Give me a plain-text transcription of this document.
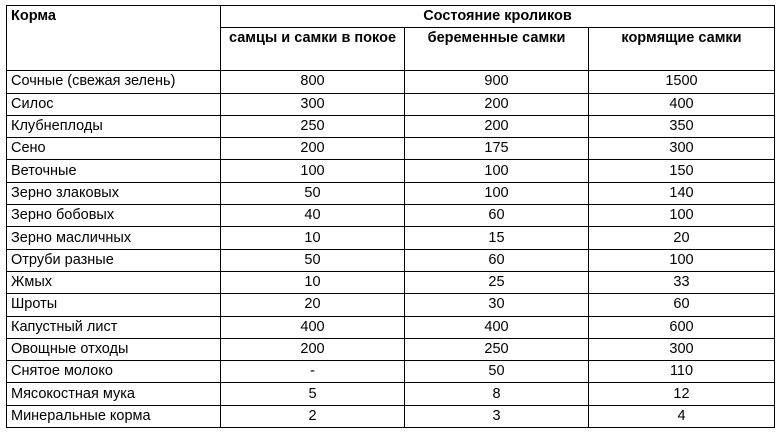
Корма	Состояние кроликов		
	самцы и самки в покое	беременные самки	кормящие самки
Сочные (свежая зелень)	800	900	1500
Силос	300	200	400
Клубнеплоды	250	200	350
Сено	200	175	300
Веточные	100	100	150
Зерно злаковых	50	100	140
Зерно бобовых	40	60	100
Зерно масличных	10	15	20
Отруби разные	50	60	100
Жмых	10	25	33
Шроты	20	30	60
Капустный лист	400	400	600
Овощные отходы	200	250	300
Снятое молоко	-	50	110
Мясокостная мука	5	8	12
Минеральные корма	2	3	4
